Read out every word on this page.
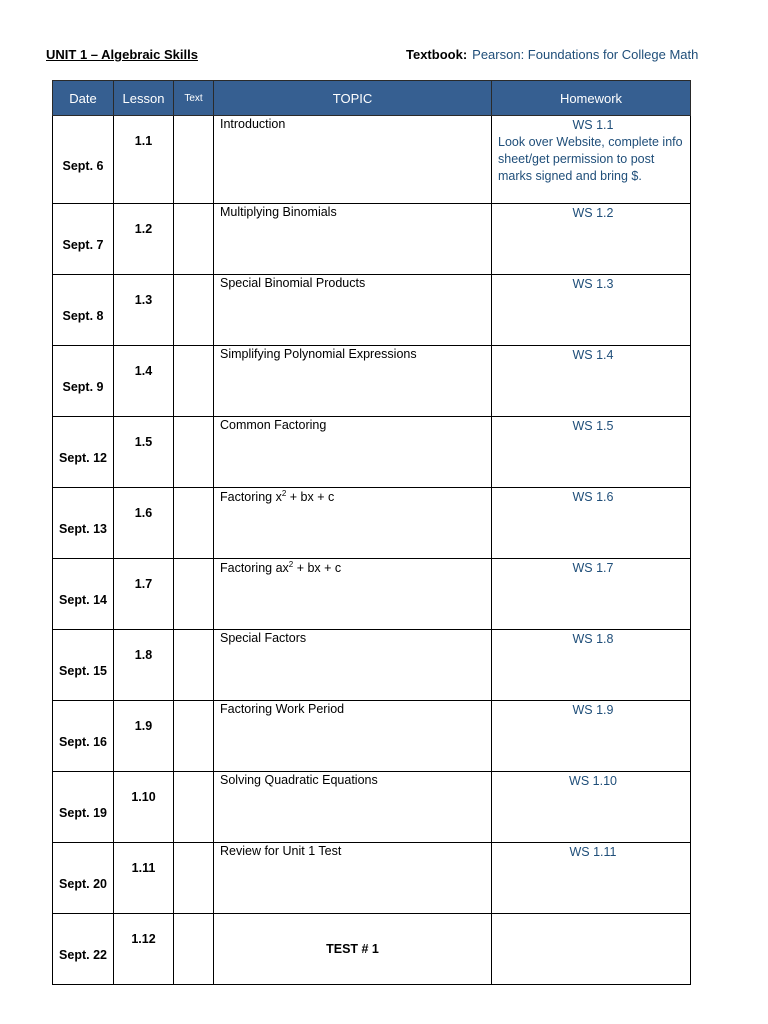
UNIT 1 – Algebraic Skills	Textbook: Pearson: Foundations for College Math
Date	Lesson	Text	TOPIC	Homework
Sept. 6	1.1		Introduction	WS 1.1
Look over Website, complete info sheet/get permission to post marks signed and bring $.

Sept. 7	1.2		Multiplying Binomials	WS 1.2

Sept. 8	1.3		Special Binomial Products	WS 1.3

Sept. 9	1.4		Simplifying Polynomial Expressions	WS 1.4

Sept. 12	1.5		Common Factoring	WS 1.5

Sept. 13	1.6		Factoring $x^2$ + bx + c	WS 1.6

Sept. 14	1.7		Factoring $ax^2$ + bx + c	WS 1.7

Sept. 15	1.8		Special Factors	WS 1.8

Sept. 16	1.9		Factoring Work Period	WS 1.9

Sept. 19	1.10		Solving Quadratic Equations	WS 1.10

Sept. 20	1.11		Review for Unit 1 Test	WS 1.11

Sept. 22	1.12		TEST # 1	
